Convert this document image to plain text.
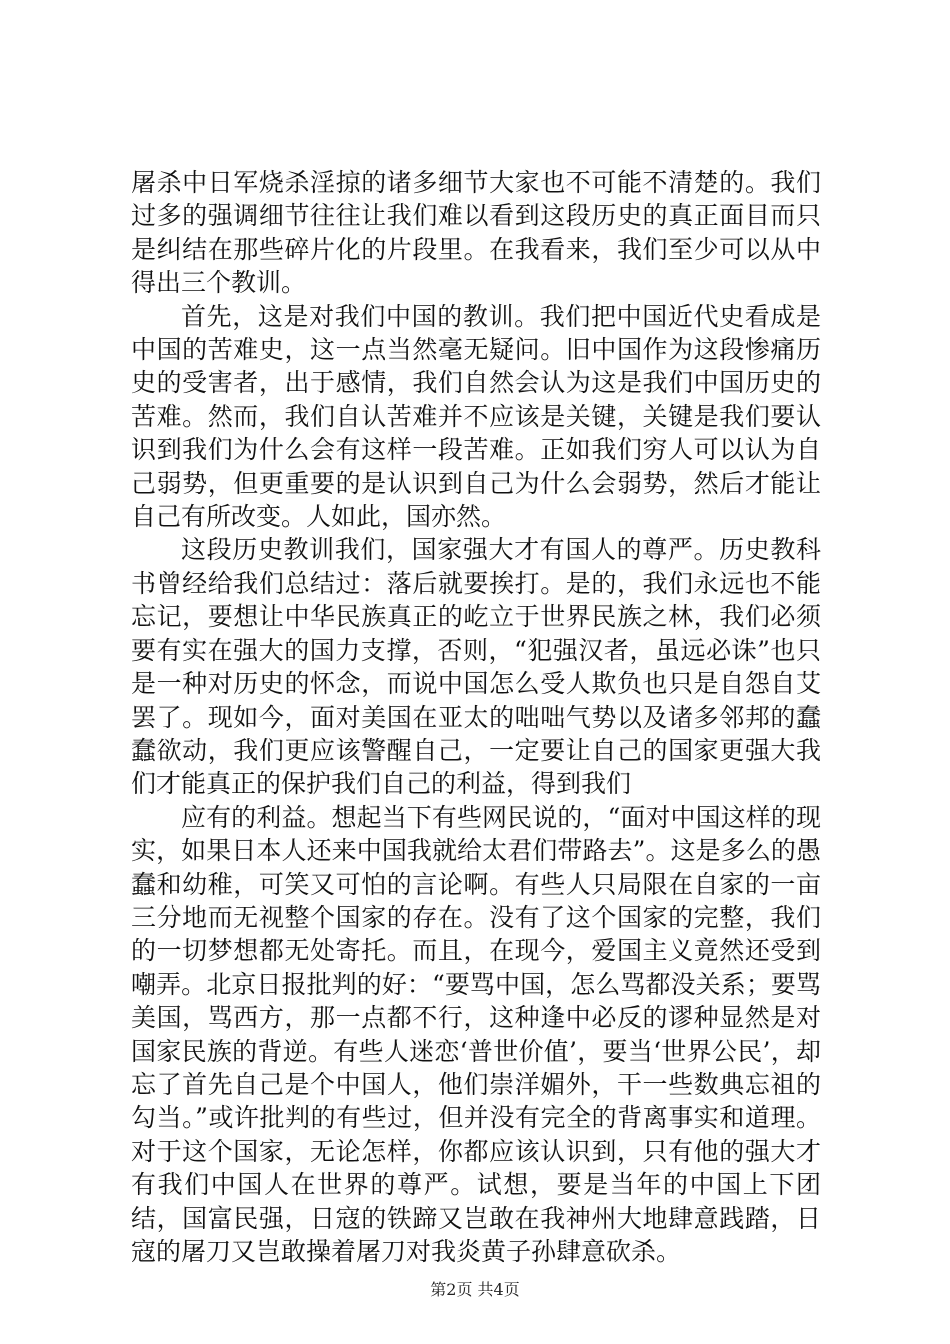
屠杀中日军烧杀淫掠的诸多细节大家也不可能不清楚的。我们过多的强调细节往往让我们难以看到这段历史的真正面目而只是纠结在那些碎片化的片段里。在我看来，我们至少可以从中得出三个教训。

首先，这是对我们中国的教训。我们把中国近代史看成是中国的苦难史，这一点当然毫无疑问。旧中国作为这段惨痛历史的受害者，出于感情，我们自然会认为这是我们中国历史的苦难。然而，我们自认苦难并不应该是关键，关键是我们要认识到我们为什么会有这样一段苦难。正如我们穷人可以认为自己弱势，但更重要的是认识到自己为什么会弱势，然后才能让自己有所改变。人如此，国亦然。

这段历史教训我们，国家强大才有国人的尊严。历史教科书曾经给我们总结过：落后就要挨打。是的，我们永远也不能忘记，要想让中华民族真正的屹立于世界民族之林，我们必须要有实在强大的国力支撑，否则，“犯强汉者，虽远必诛”也只是一种对历史的怀念，而说中国怎么受人欺负也只是自怨自艾罢了。现如今，面对美国在亚太的咄咄气势以及诸多邻邦的蠢蠢欲动，我们更应该警醒自己，一定要让自己的国家更强大我们才能真正的保护我们自己的利益，得到我们

应有的利益。想起当下有些网民说的，“面对中国这样的现实，如果日本人还来中国我就给太君们带路去”。这是多么的愚蠢和幼稚，可笑又可怕的言论啊。有些人只局限在自家的一亩三分地而无视整个国家的存在。没有了这个国家的完整，我们的一切梦想都无处寄托。而且，在现今，爱国主义竟然还受到嘲弄。北京日报批判的好：“要骂中国，怎么骂都没关系；要骂美国，骂西方，那一点都不行，这种逢中必反的谬种显然是对国家民族的背逆。有些人迷恋‘普世价值’，要当‘世界公民’，却忘了首先自己是个中国人，他们崇洋媚外，干一些数典忘祖的勾当。”或许批判的有些过，但并没有完全的背离事实和道理。对于这个国家，无论怎样，你都应该认识到，只有他的强大才有我们中国人在世界的尊严。试想，要是当年的中国上下团结，国富民强，日寇的铁蹄又岂敢在我神州大地肆意践踏，日寇的屠刀又岂敢操着屠刀对我炎黄子孙肆意砍杀。

第2页 共4页
